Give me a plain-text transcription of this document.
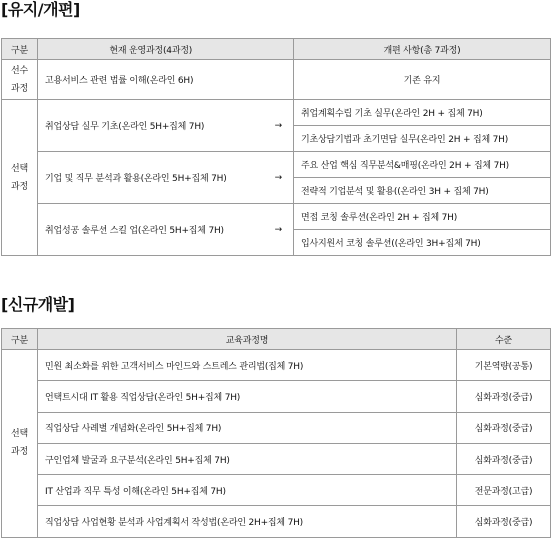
[유지/개편]
구분	현재 운영과정(4과정)		개편 사항(총 7과정)

선수
과정	고용서비스 관련 법률 이해(온라인 6H)		기존 유지

선택
과정	취업상담 실무 기초(온라인 5H+집체 7H)	→	취업계획수립 기초 실무(온라인 2H + 집체 7H)
			기초상담기법과 초기면담 실무(온라인 2H + 집체 7H)
	기업 및 직무 분석과 활용(온라인 5H+집체 7H)	→	주요 산업 핵심 직무분석&매핑(온라인 2H + 집체 7H)
			전략적 기업분석 및 활용((온라인 3H + 집체 7H)
	취업성공 솔루션 스킬 업(온라인 5H+집체 7H)	→	면접 코칭 솔루션(온라인 2H + 집체 7H)
			입사지원서 코칭 솔루션((온라인 3H+집체 7H)
[신규개발]
구분	교육과정명	수준

선택
과정	민원 최소화를 위한 고객서비스 마인드와 스트레스 관리법(집체 7H)	기본역량(공통)
	언택트시대 IT 활용 직업상담(온라인 5H+집체 7H)	심화과정(중급)
	직업상담 사례별 개념화(온라인 5H+집체 7H)	심화과정(중급)
	구인업체 발굴과 요구분석(온라인 5H+집체 7H)	심화과정(중급)
	IT 산업과 직무 특성 이해(온라인 5H+집체 7H)	전문과정(고급)
	직업상담 사업현황 분석과 사업계획서 작성법(온라인 2H+집체 7H)	심화과정(중급)
